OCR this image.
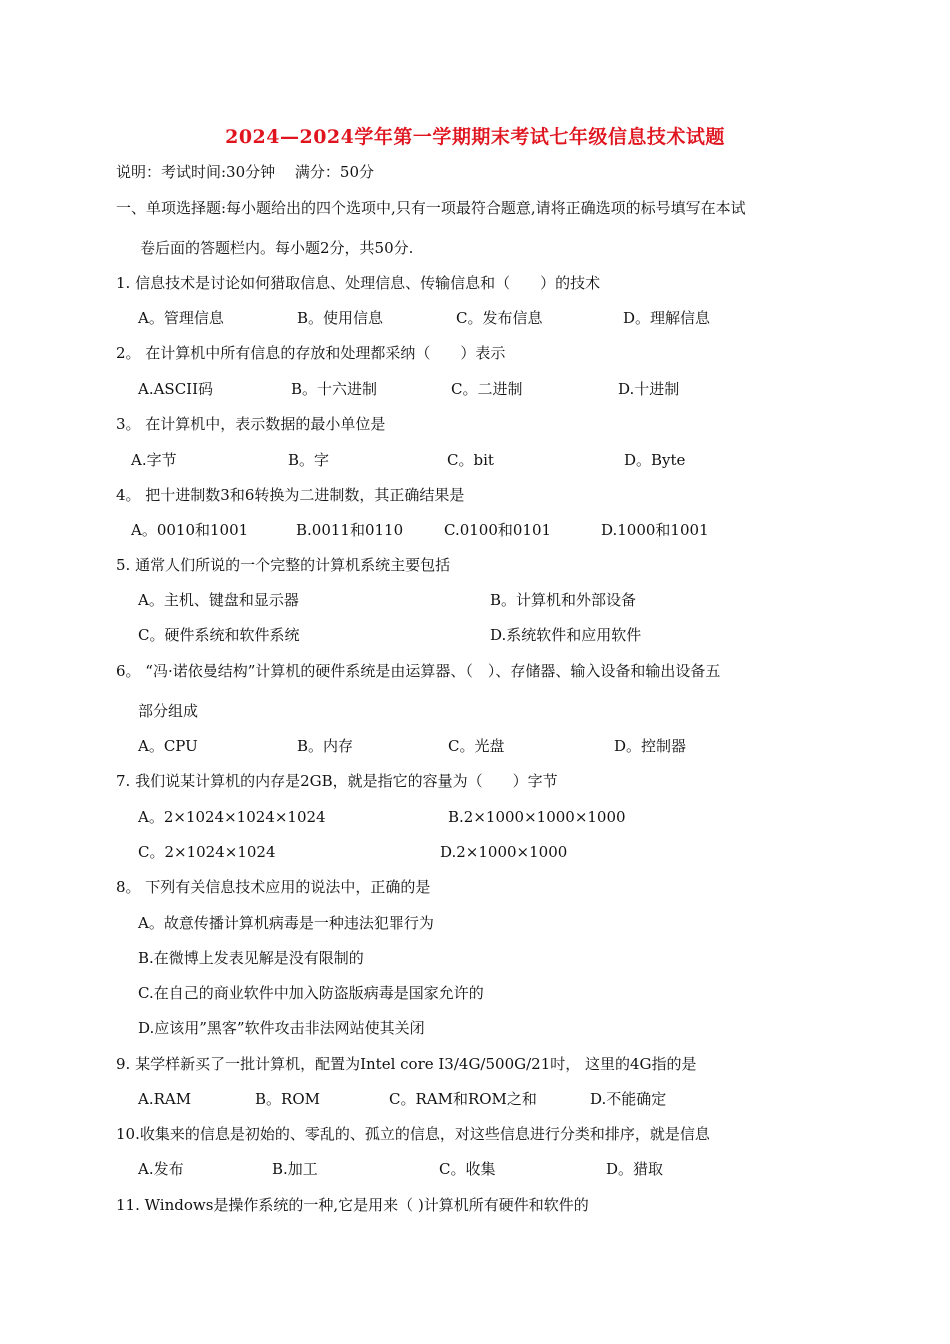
2024—2024学年第一学期期末考试七年级信息技术试题
说明：考试时间:30分钟　 满分：50分
一、单项选择题:每小题给出的四个选项中,只有一项最符合题意,请将正确选项的标号填写在本试
卷后面的答题栏内。每小题2分，共50分.
1. 信息技术是讨论如何猎取信息、处理信息、传输信息和（　　）的技术
A。管理信息	B。使用信息	C。发布信息	D。理解信息
2。 在计算机中所有信息的存放和处理都采纳（　　）表示
A.ASCII码	B。十六进制	C。二进制	D.十进制
3。 在计算机中，表示数据的最小单位是
A.字节	B。字	C。bit	D。Byte
4。 把十进制数3和6转换为二进制数，其正确结果是
A。0010和1001	B.0011和0110	C.0100和0101	D.1000和1001
5. 通常人们所说的一个完整的计算机系统主要包括
A。主机、键盘和显示器	B。计算机和外部设备
C。硬件系统和软件系统	D.系统软件和应用软件
6。 “冯·诺依曼结构”计算机的硬件系统是由运算器、（　）、存储器、输入设备和输出设备五
部分组成
A。CPU	B。内存	C。光盘	D。控制器
7. 我们说某计算机的内存是2GB，就是指它的容量为（　　）字节
A。2×1024×1024×1024	B.2×1000×1000×1000
C。2×1024×1024	D.2×1000×1000
8。 下列有关信息技术应用的说法中，正确的是
A。故意传播计算机病毒是一种违法犯罪行为
B.在微博上发表见解是没有限制的
C.在自己的商业软件中加入防盗版病毒是国家允许的
D.应该用”黑客”软件攻击非法网站使其关闭
9. 某学样新买了一批计算机，配置为Intel core I3/4G/500G/21吋， 这里的4G指的是
A.RAM	B。ROM	C。RAM和ROM之和	D.不能确定
10.收集来的信息是初始的、零乱的、孤立的信息，对这些信息进行分类和排序，就是信息
A.发布	B.加工	C。收集	D。猎取
11. Windows是操作系统的一种,它是用来（ )计算机所有硬件和软件的
